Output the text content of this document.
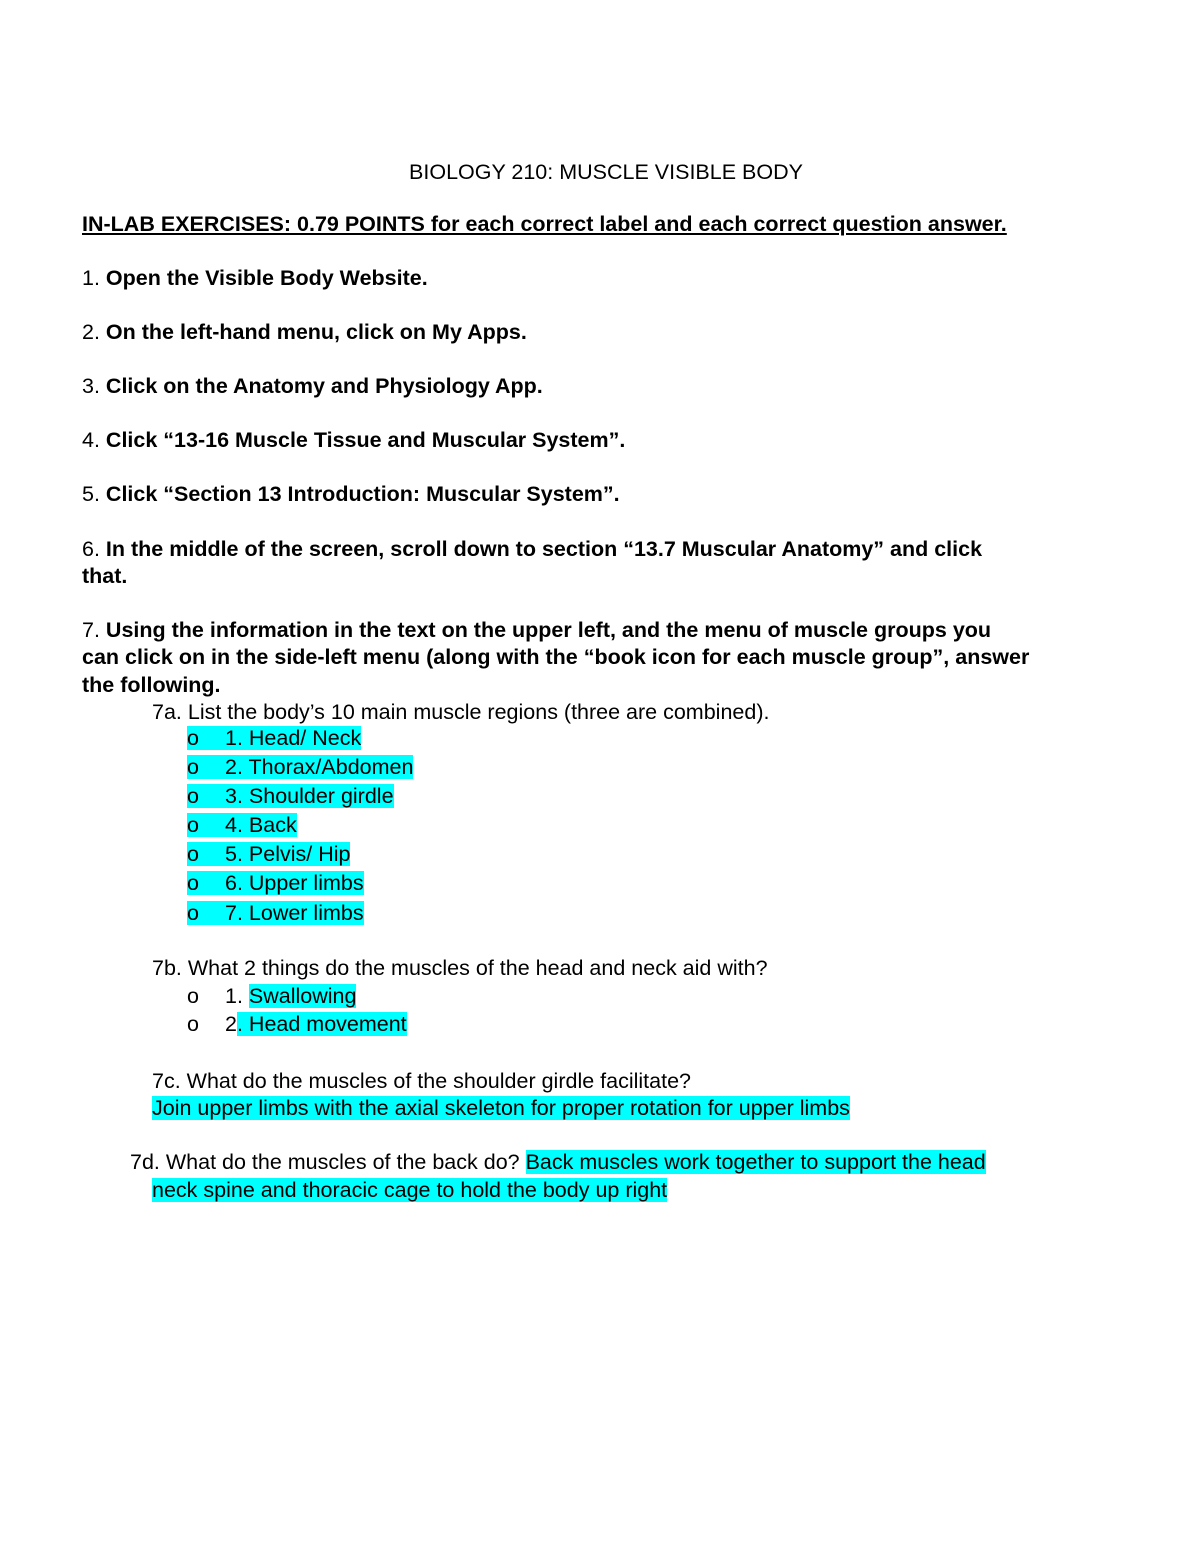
BIOLOGY 210: MUSCLE VISIBLE BODY
IN-LAB EXERCISES: 0.79 POINTS for each correct label and each correct question answer.
1. Open the Visible Body Website.
2. On the left-hand menu, click on My Apps.
3. Click on the Anatomy and Physiology App.
4. Click “13-16 Muscle Tissue and Muscular System”.
5. Click “Section 13 Introduction: Muscular System”.
6. In the middle of the screen, scroll down to section “13.7 Muscular Anatomy” and click
that.
7. Using the information in the text on the upper left, and the menu of muscle groups you
can click on in the side-left menu (along with the “book icon for each muscle group”, answer
the following.
7a. List the body’s 10 main muscle regions (three are combined).
o 1. Head/ Neck
o 2. Thorax/Abdomen
o 3. Shoulder girdle
o 4. Back
o 5. Pelvis/ Hip
o 6. Upper limbs
o 7. Lower limbs
7b. What 2 things do the muscles of the head and neck aid with?
o 1. Swallowing
o 2. Head movement
7c. What do the muscles of the shoulder girdle facilitate?
Join upper limbs with the axial skeleton for proper rotation for upper limbs
7d. What do the muscles of the back do? Back muscles work together to support the head
neck spine and thoracic cage to hold the body up right
